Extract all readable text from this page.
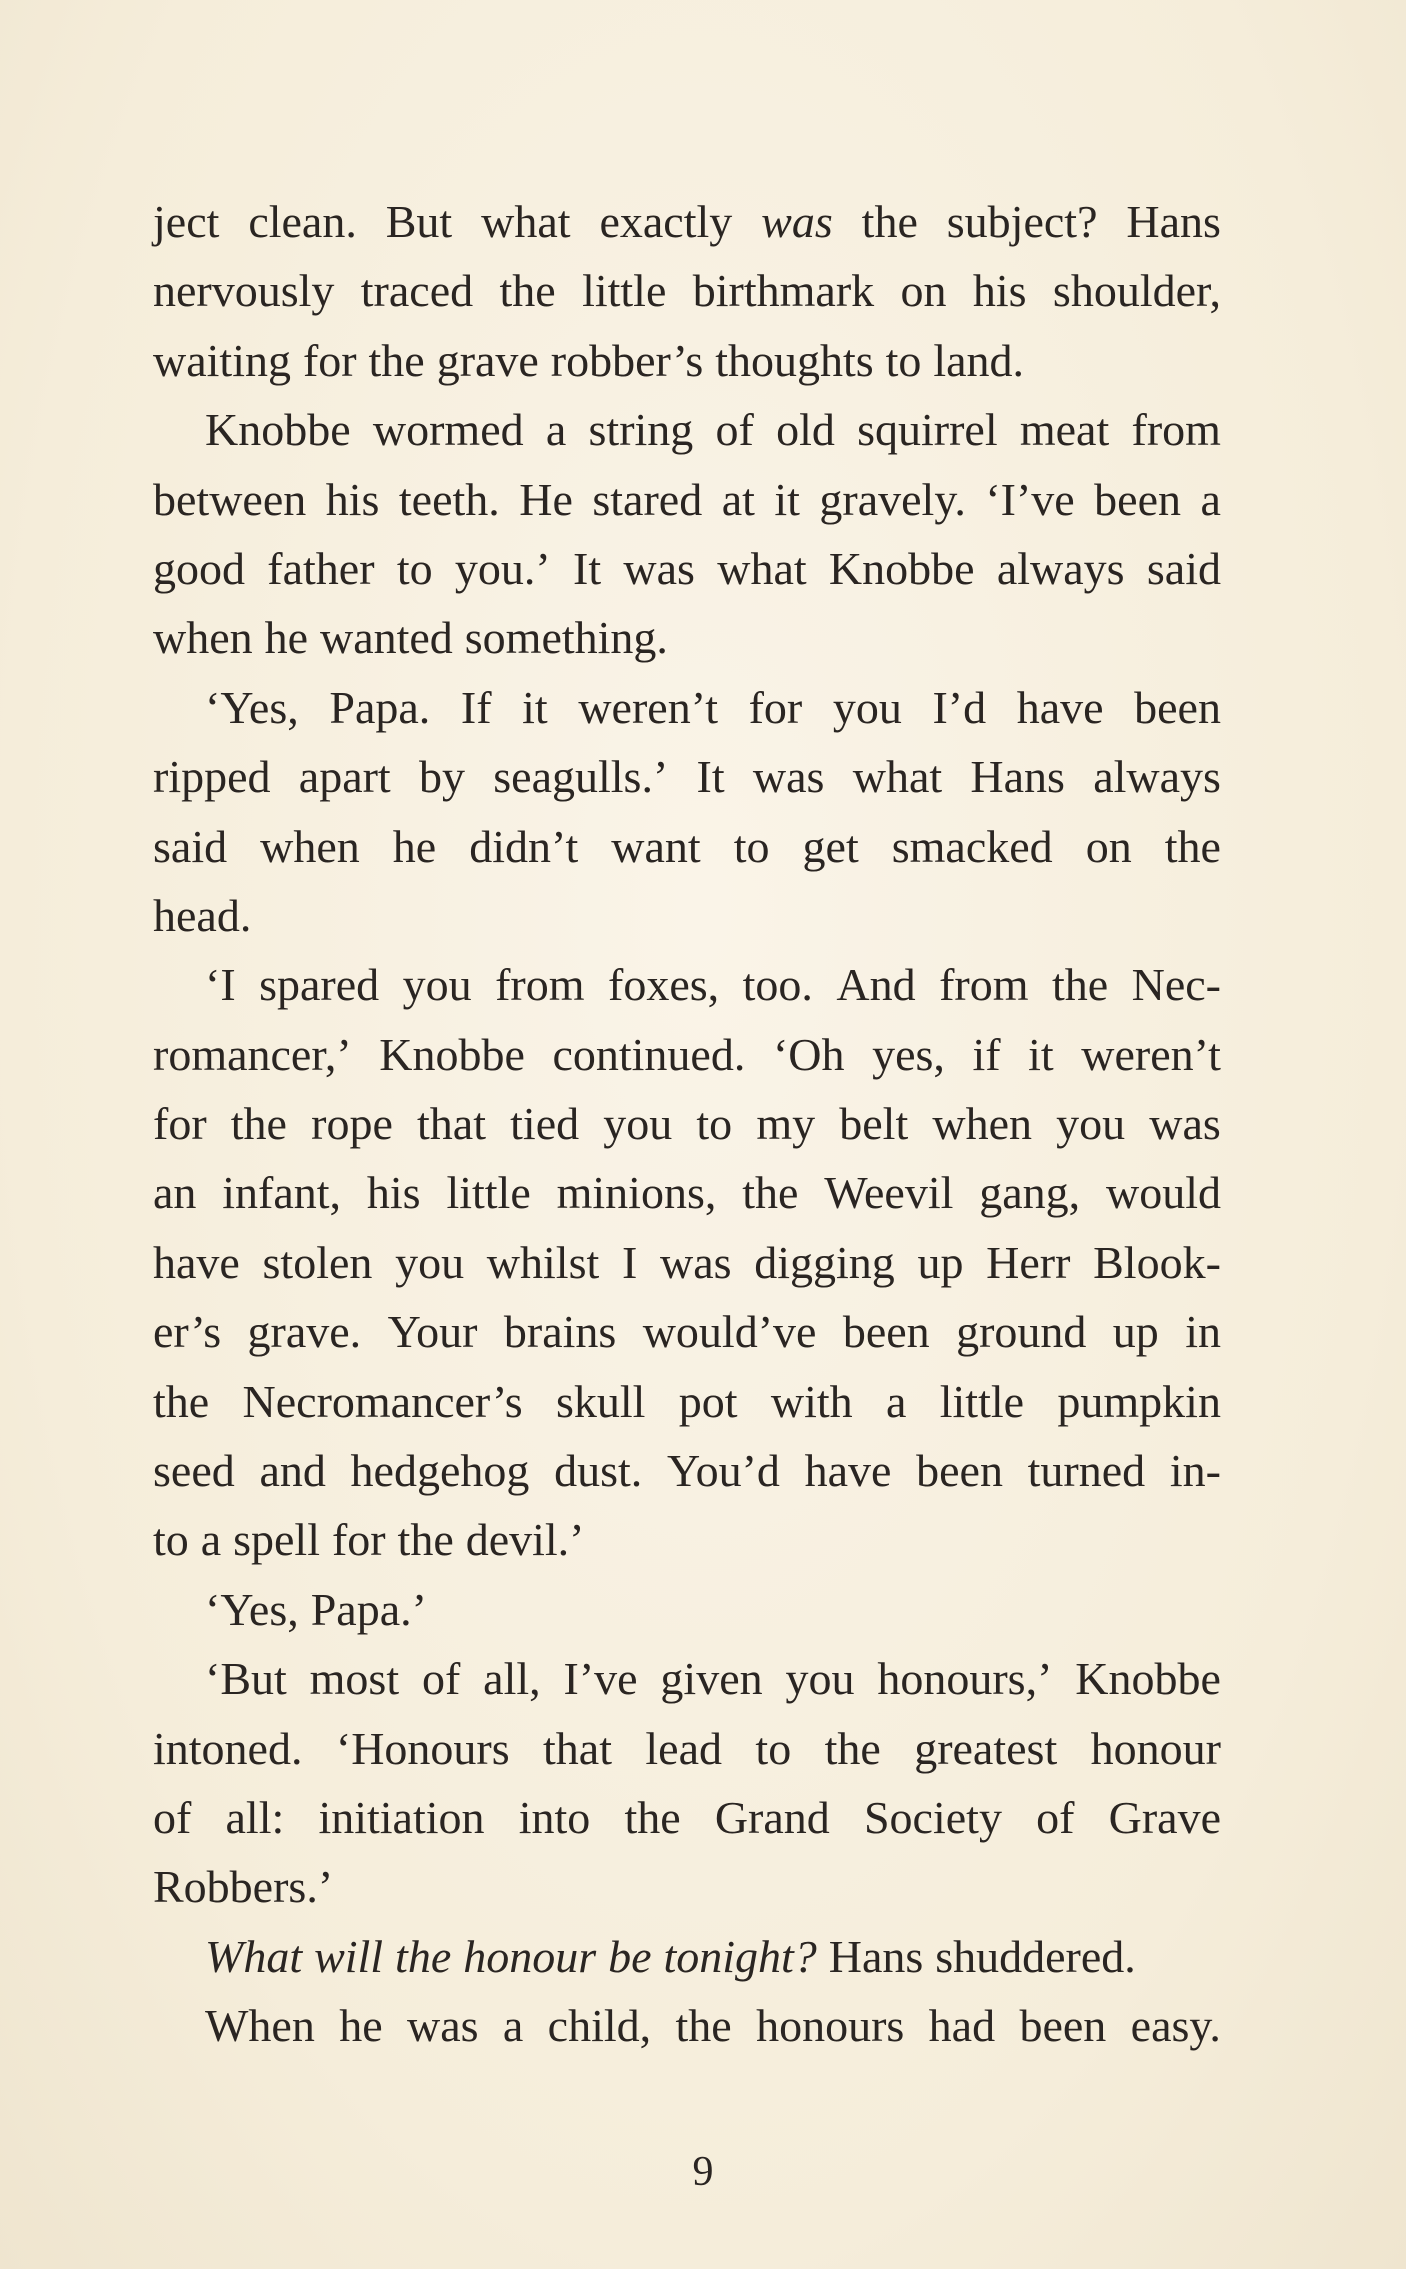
ject clean. But what exactly was the subject? Hans
nervously traced the little birthmark on his shoulder,
waiting for the grave robber’s thoughts to land.
Knobbe wormed a string of old squirrel meat from
between his teeth. He stared at it gravely. ‘I’ve been a
good father to you.’ It was what Knobbe always said
when he wanted something.
‘Yes, Papa. If it weren’t for you I’d have been
ripped apart by seagulls.’ It was what Hans always
said when he didn’t want to get smacked on the
head.
‘I spared you from foxes, too. And from the Nec-
romancer,’ Knobbe continued. ‘Oh yes, if it weren’t
for the rope that tied you to my belt when you was
an infant, his little minions, the Weevil gang, would
have stolen you whilst I was digging up Herr Blook-
er’s grave. Your brains would’ve been ground up in
the Necromancer’s skull pot with a little pumpkin
seed and hedgehog dust. You’d have been turned in-
to a spell for the devil.’
‘Yes, Papa.’
‘But most of all, I’ve given you honours,’ Knobbe
intoned. ‘Honours that lead to the greatest honour
of all: initiation into the Grand Society of Grave
Robbers.’
What will the honour be tonight? Hans shuddered.
When he was a child, the honours had been easy.
9
